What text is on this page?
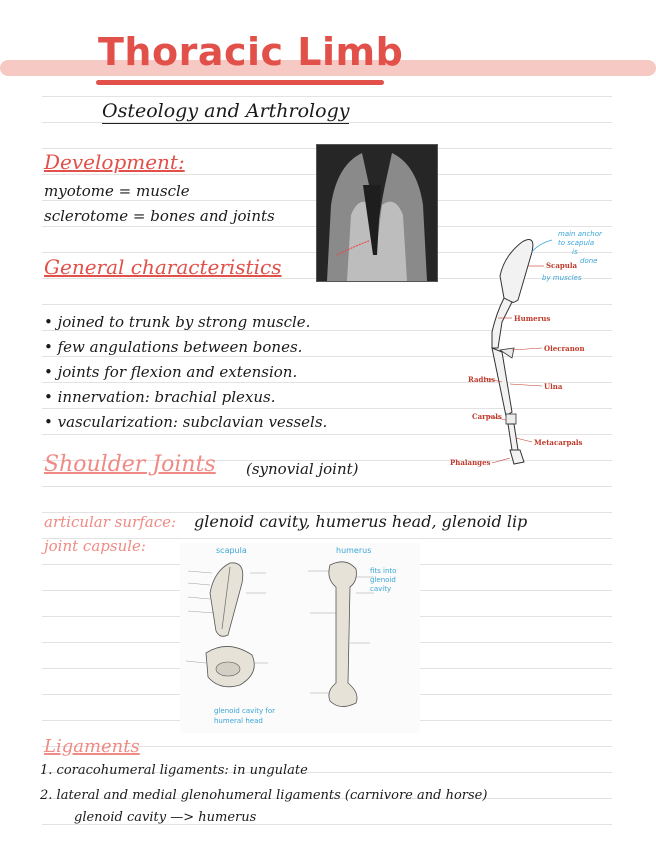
Thoracic Limb
Osteology and Arthrology
Development:
myotome = muscle
sclerotome = bones and joints
General characteristics
• joined to trunk by strong muscle.
• few angulations between bones.
• joints for flexion and extension.
• innervation: brachial plexus.
• vascularization: subclavian vessels.
Scapula
Humerus
Olecranon
Radius
Ulna
Carpals
Metacarpals
Phalanges
main anchor
to scapula
is
done
by muscles
Shoulder Joints (synovial joint)
articular surface: glenoid cavity, humerus head, glenoid lip
joint capsule:	scapula	humerus
fits into
glenoid
cavity
glenoid cavity for
humeral head
Ligaments
1. coracohumeral ligaments: in ungulate
2. lateral and medial glenohumeral ligaments (carnivore and horse)
glenoid cavity —> humerus
